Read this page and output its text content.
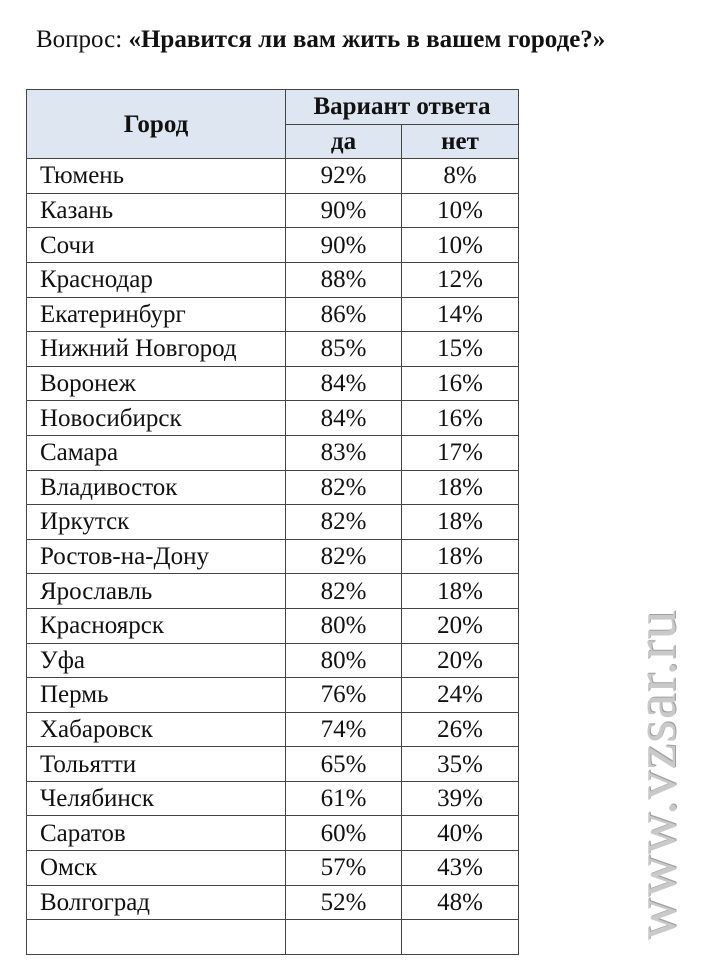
Вопрос: «Нравится ли вам жить в вашем городе?»
Город	Вариант ответа	
	да	нет
Тюмень	92%	8%
Казань	90%	10%
Сочи	90%	10%
Краснодар	88%	12%
Екатеринбург	86%	14%
Нижний Новгород	85%	15%
Воронеж	84%	16%
Новосибирск	84%	16%
Самара	83%	17%
Владивосток	82%	18%
Иркутск	82%	18%
Ростов-на-Дону	82%	18%
Ярославль	82%	18%
Красноярск	80%	20%
Уфа	80%	20%
Пермь	76%	24%
Хабаровск	74%	26%
Тольятти	65%	35%
Челябинск	61%	39%
Саратов	60%	40%
Омск	57%	43%
Волгоград	52%	48%
		www.vzsar.ru
